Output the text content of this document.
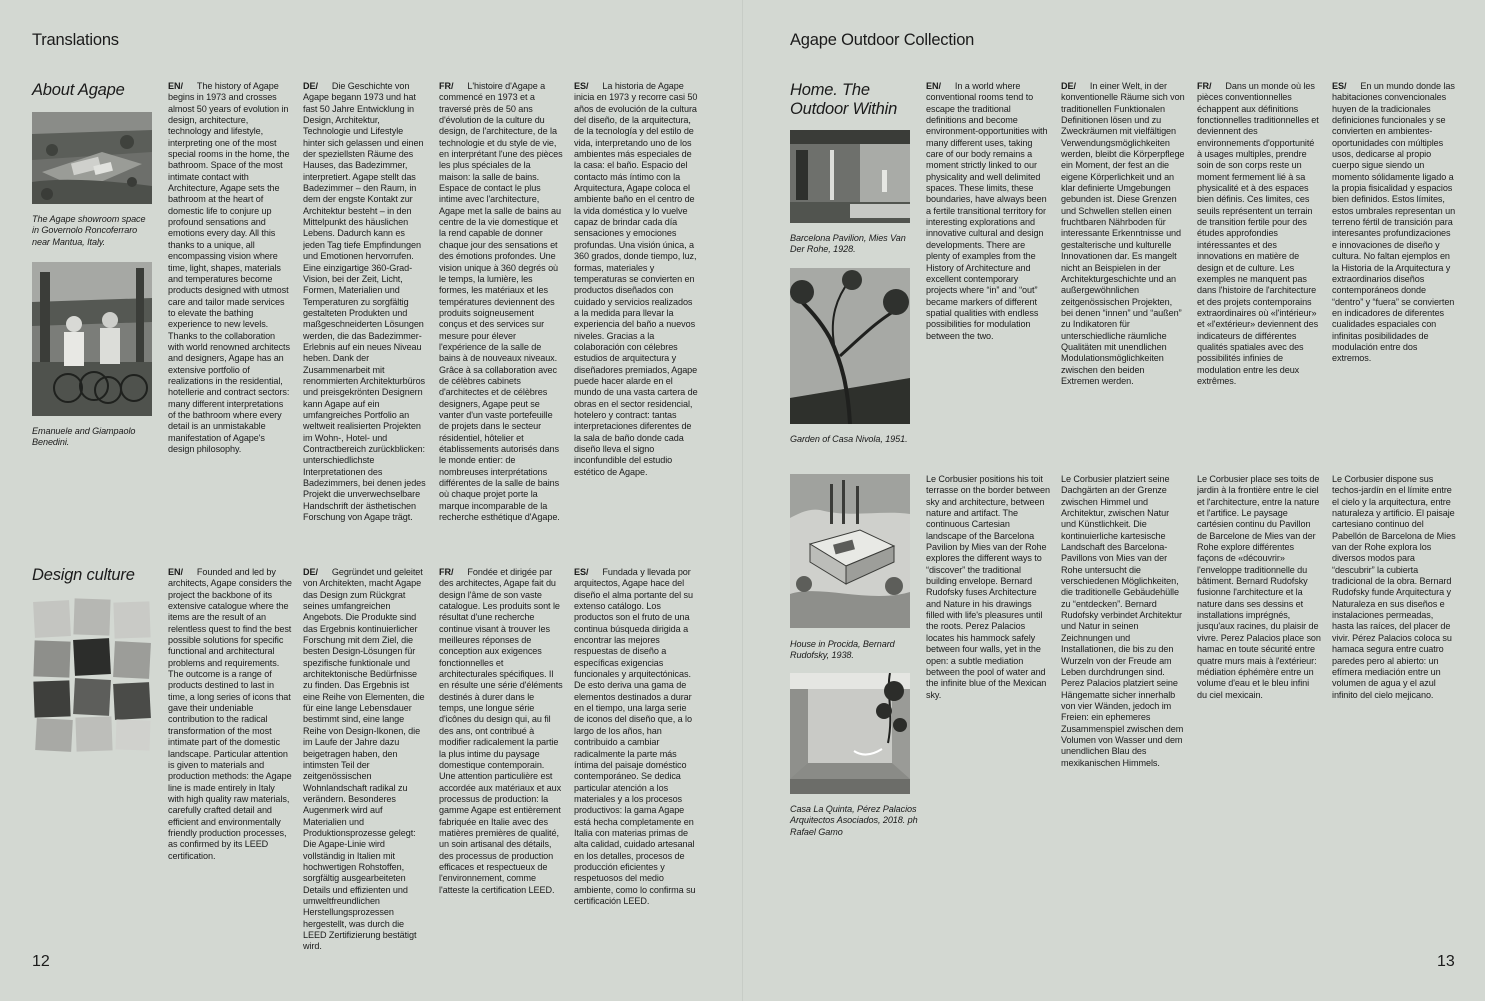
Translations
About Agape
The Agape showroom space in Governolo Roncoferraro near Mantua, Italy.
Emanuele and Giampaolo Benedini.
EN/ The history of Agape begins in 1973 and crosses almost 50 years of evolution in design, architecture, technology and lifestyle, interpreting one of the most special rooms in the home, the bathroom. Space of the most intimate contact with Architecture, Agape sets the bathroom at the heart of domestic life to conjure up profound sensations and emotions every day. All this thanks to a unique, all encompassing vision where time, light, shapes, materials and temperatures become products designed with utmost care and tailor made services to elevate the bathing experience to new levels. Thanks to the collaboration with world renowned architects and designers, Agape has an extensive portfolio of realizations in the residential, hotellerie and contract sectors: many different interpretations of the bathroom where every detail is an unmistakable manifestation of Agape's design philosophy.
DE/ Die Geschichte von Agape begann 1973 und hat fast 50 Jahre Entwicklung in Design, Architektur, Technologie und Lifestyle hinter sich gelassen und einen der speziellsten Räume des Hauses, das Badezimmer, interpretiert. Agape stellt das Badezimmer – den Raum, in dem der engste Kontakt zur Architektur besteht – in den Mittelpunkt des häuslichen Lebens. Dadurch kann es jeden Tag tiefe Empfindungen und Emotionen hervorrufen. Eine einzigartige 360-Grad-Vision, bei der Zeit, Licht, Formen, Materialien und Temperaturen zu sorgfältig gestalteten Produkten und maßgeschneiderten Lösungen werden, die das Badezimmer-Erlebnis auf ein neues Niveau heben. Dank der Zusammenarbeit mit renommierten Architekturbüros und preisgekrönten Designern kann Agape auf ein umfangreiches Portfolio an weltweit realisierten Projekten im Wohn-, Hotel- und Contractbereich zurückblicken: unterschiedlichste Interpretationen des Badezimmers, bei denen jedes Projekt die unverwechselbare Handschrift der ästhetischen Forschung von Agape trägt.
FR/ L'histoire d'Agape a commencé en 1973 et a traversé près de 50 ans d'évolution de la culture du design, de l'architecture, de la technologie et du style de vie, en interprétant l'une des pièces les plus spéciales de la maison: la salle de bains. Espace de contact le plus intime avec l'architecture, Agape met la salle de bains au centre de la vie domestique et la rend capable de donner chaque jour des sensations et des émotions profondes. Une vision unique à 360 degrés où le temps, la lumière, les formes, les matériaux et les températures deviennent des produits soigneusement conçus et des services sur mesure pour élever l'expérience de la salle de bains à de nouveaux niveaux. Grâce à sa collaboration avec de célèbres cabinets d'architectes et de célèbres designers, Agape peut se vanter d'un vaste portefeuille de projets dans le secteur résidentiel, hôtelier et établissements autorisés dans le monde entier: de nombreuses interprétations différentes de la salle de bains où chaque projet porte la marque incomparable de la recherche esthétique d'Agape.
ES/ La historia de Agape inicia en 1973 y recorre casi 50 años de evolución de la cultura del diseño, de la arquitectura, de la tecnología y del estilo de vida, interpretando uno de los ambientes más especiales de la casa: el baño. Espacio del contacto más íntimo con la Arquitectura, Agape coloca el ambiente baño en el centro de la vida doméstica y lo vuelve capaz de brindar cada día sensaciones y emociones profundas. Una visión única, a 360 grados, donde tiempo, luz, formas, materiales y temperaturas se convierten en productos diseñados con cuidado y servicios realizados a la medida para llevar la experiencia del baño a nuevos niveles. Gracias a la colaboración con célebres estudios de arquitectura y diseñadores premiados, Agape puede hacer alarde en el mundo de una vasta cartera de obras en el sector residencial, hotelero y contract: tantas interpretaciones diferentes de la sala de baño donde cada diseño lleva el signo inconfundible del estudio estético de Agape.
Design culture	EN/ Founded and led by architects, Agape considers the project the backbone of its extensive catalogue where the items are the result of an relentless quest to find the best possible solutions for specific functional and architectural problems and requirements. The outcome is a range of products destined to last in time, a long series of icons that gave their undeniable contribution to the radical transformation of the most intimate part of the domestic landscape. Particular attention is given to materials and production methods: the Agape line is made entirely in Italy with high quality raw materials, carefully crafted detail and efficient and environmentally friendly production processes, as confirmed by its LEED certification.
DE/ Gegründet und geleitet von Architekten, macht Agape das Design zum Rückgrat seines umfangreichen Angebots. Die Produkte sind das Ergebnis kontinuierlicher Forschung mit dem Ziel, die besten Design-Lösungen für spezifische funktionale und architektonische Bedürfnisse zu finden. Das Ergebnis ist eine Reihe von Elementen, die für eine lange Lebensdauer bestimmt sind, eine lange Reihe von Design-Ikonen, die im Laufe der Jahre dazu beigetragen haben, den intimsten Teil der zeitgenössischen Wohnlandschaft radikal zu verändern. Besonderes Augenmerk wird auf Materialien und Produktionsprozesse gelegt: Die Agape-Linie wird vollständig in Italien mit hochwertigen Rohstoffen, sorgfältig ausgearbeiteten Details und effizienten und umweltfreundlichen Herstellungsprozessen hergestellt, was durch die LEED Zertifizierung bestätigt wird.
FR/ Fondée et dirigée par des architectes, Agape fait du design l'âme de son vaste catalogue. Les produits sont le résultat d'une recherche continue visant à trouver les meilleures réponses de conception aux exigences fonctionnelles et architecturales spécifiques. Il en résulte une série d'éléments destinés à durer dans le temps, une longue série d'icônes du design qui, au fil des ans, ont contribué à modifier radicalement la partie la plus intime du paysage domestique contemporain. Une attention particulière est accordée aux matériaux et aux processus de production: la gamme Agape est entièrement fabriquée en Italie avec des matières premières de qualité, un soin artisanal des détails, des processus de production efficaces et respectueux de l'environnement, comme l'atteste la certification LEED.
ES/ Fundada y llevada por arquitectos, Agape hace del diseño el alma portante del su extenso catálogo. Los productos son el fruto de una continua búsqueda dirigida a encontrar las mejores respuestas de diseño a específicas exigencias funcionales y arquitectónicas. De esto deriva una gama de elementos destinados a durar en el tiempo, una larga serie de iconos del diseño que, a lo largo de los años, han contribuido a cambiar radicalmente la parte más íntima del paisaje doméstico contemporáneo. Se dedica particular atención a los materiales y a los procesos productivos: la gama Agape está hecha completamente en Italia con materias primas de alta calidad, cuidado artesanal en los detalles, procesos de producción eficientes y respetuosos del medio ambiente, como lo confirma su certificación LEED.
12
Agape Outdoor Collection
Home. The
Outdoor Within
Barcelona Pavilion, Mies Van Der Rohe, 1928.
Garden of Casa Nivola, 1951.
EN/ In a world where conventional rooms tend to escape the traditional definitions and become environment-opportunities with many different uses, taking care of our body remains a moment strictly linked to our physicality and well delimited spaces. These limits, these boundaries, have always been a fertile transitional territory for interesting explorations and innovative cultural and design developments. There are plenty of examples from the History of Architecture and excellent contemporary projects where “in” and “out” became markers of different spatial qualities with endless possibilities for modulation between the two.
DE/ In einer Welt, in der konventionelle Räume sich von traditionellen Funktionalen Definitionen lösen und zu Zweckräumen mit vielfältigen Verwendungsmöglichkeiten werden, bleibt die Körperpflege ein Moment, der fest an die eigene Körperlichkeit und an klar definierte Umgebungen gebunden ist. Diese Grenzen und Schwellen stellen einen fruchtbaren Nährboden für interessante Erkenntnisse und gestalterische und kulturelle Innovationen dar. Es mangelt nicht an Beispielen in der Architekturgeschichte und an außergewöhnlichen zeitgenössischen Projekten, bei denen “innen” und “außen” zu Indikatoren für unterschiedliche räumliche Qualitäten mit unendlichen Modulationsmöglichkeiten zwischen den beiden Extremen werden.
FR/ Dans un monde où les pièces conventionnelles échappent aux définitions fonctionnelles traditionnelles et deviennent des environnements d'opportunité à usages multiples, prendre soin de son corps reste un moment fermement lié à sa physicalité et à des espaces bien définis. Ces limites, ces seuils représentent un terrain de transition fertile pour des études approfondies intéressantes et des innovations en matière de design et de culture. Les exemples ne manquent pas dans l'histoire de l'architecture et des projets contemporains extraordinaires où «l'intérieur» et «l'extérieur» deviennent des indicateurs de différentes qualités spatiales avec des possibilités infinies de modulation entre les deux extrêmes.
ES/ En un mundo donde las habitaciones convencionales huyen de la tradicionales definiciones funcionales y se convierten en ambientes-oportunidades con múltiples usos, dedicarse al propio cuerpo sigue siendo un momento sólidamente ligado a la propia fisicalidad y espacios bien definidos. Estos límites, estos umbrales representan un terreno fértil de transición para interesantes profundizaciones e innovaciones de diseño y cultura. No faltan ejemplos en la Historia de la Arquitectura y extraordinarios diseños contemporáneos donde “dentro” y “fuera” se convierten en indicadores de diferentes cualidades espaciales con infinitas posibilidades de modulación entre dos extremos.
House in Procida, Bernard Rudofsky, 1938.
Casa La Quinta, Pérez Palacios Arquitectos Asociados, 2018. ph Rafael Gamo
Le Corbusier positions his toit terrasse on the border between sky and architecture, between nature and artifact. The continuous Cartesian landscape of the Barcelona Pavilion by Mies van der Rohe explores the different ways to “discover” the traditional building envelope. Bernard Rudofsky fuses Architecture and Nature in his drawings filled with life's pleasures until the roots. Perez Palacios locates his hammock safely between four walls, yet in the open: a subtle mediation between the pool of water and the infinite blue of the Mexican sky.
Le Corbusier platziert seine Dachgärten an der Grenze zwischen Himmel und Architektur, zwischen Natur und Künstlichkeit. Die kontinuierliche kartesische Landschaft des Barcelona-Pavillons von Mies van der Rohe untersucht die verschiedenen Möglichkeiten, die traditionelle Gebäudehülle zu “entdecken”. Bernard Rudofsky verbindet Architektur und Natur in seinen Zeichnungen und Installationen, die bis zu den Wurzeln von der Freude am Leben durchdrungen sind. Perez Palacios platziert seine Hängematte sicher innerhalb von vier Wänden, jedoch im Freien: ein ephemeres Zusammenspiel zwischen dem Volumen von Wasser und dem unendlichen Blau des mexikanischen Himmels.
Le Corbusier place ses toits de jardin à la frontière entre le ciel et l'architecture, entre la nature et l'artifice. Le paysage cartésien continu du Pavillon de Barcelone de Mies van der Rohe explore différentes façons de «découvrir» l'enveloppe traditionnelle du bâtiment. Bernard Rudofsky fusionne l'architecture et la nature dans ses dessins et installations imprégnés, jusqu'aux racines, du plaisir de vivre. Perez Palacios place son hamac en toute sécurité entre quatre murs mais à l'extérieur: médiation éphémère entre un volume d'eau et le bleu infini du ciel mexicain.
Le Corbusier dispone sus techos-jardín en el límite entre el cielo y la arquitectura, entre naturaleza y artificio. El paisaje cartesiano continuo del Pabellón de Barcelona de Mies van der Rohe explora los diversos modos para “descubrir” la cubierta tradicional de la obra. Bernard Rudofsky funde Arquitectura y Naturaleza en sus diseños e instalaciones permeadas, hasta las raíces, del placer de vivir. Pérez Palacios coloca su hamaca segura entre cuatro paredes pero al abierto: un efímera mediación entre un volumen de agua y el azul infinito del cielo mejicano.
13
